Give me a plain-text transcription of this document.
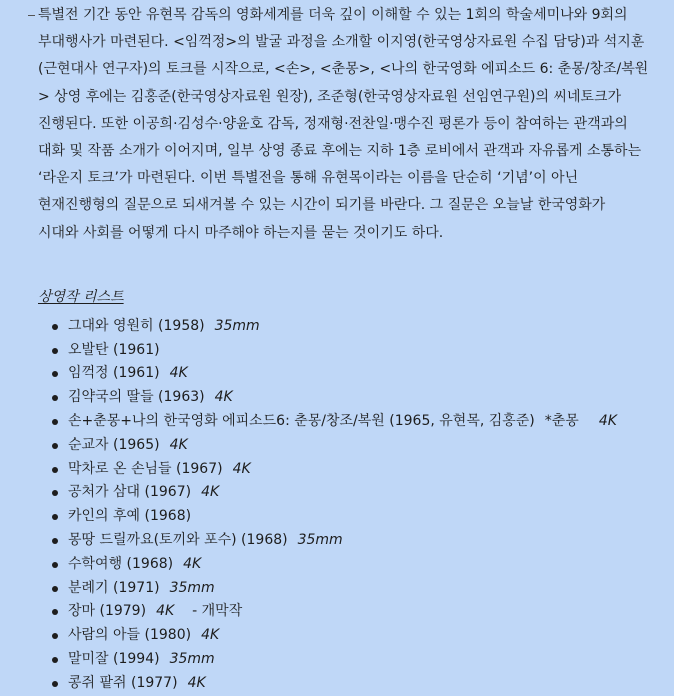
특별전 기간 동안 유현목 감독의 영화세계를 더욱 깊이 이해할 수 있는 1회의 학술세미나와 9회의 부대행사가 마련된다. <임꺽정>의 발굴 과정을 소개할 이지영(한국영상자료원 수집 담당)과 석지훈(근현대사 연구자)의 토크를 시작으로, <손>, <춘몽>, <나의 한국영화 에피소드 6: 춘몽/창조/복원> 상영 후에는 김홍준(한국영상자료원 원장), 조준형(한국영상자료원 선임연구원)의 씨네토크가 진행된다. 또한 이공희·김성수·양윤호 감독, 정재형·전찬일·맹수진 평론가 등이 참여하는 관객과의 대화 및 작품 소개가 이어지며, 일부 상영 종료 후에는 지하 1층 로비에서 관객과 자유롭게 소통하는 ‘라운지 토크’가 마련된다. 이번 특별전을 통해 유현목이라는 이름을 단순히 ‘기념’이 아닌 현재진행형의 질문으로 되새겨볼 수 있는 시간이 되기를 바란다. 그 질문은 오늘날 한국영화가 시대와 사회를 어떻게 다시 마주해야 하는지를 묻는 것이기도 하다.

상영작 리스트
그대와 영원히 (1958) 35mm
오발탄 (1961)
임꺽정 (1961) 4K
김약국의 딸들 (1963) 4K
손+춘몽+나의 한국영화 에피소드6: 춘몽/창조/복원 (1965, 유현목, 김홍준) *춘몽 4K
순교자 (1965) 4K
막차로 온 손님들 (1967) 4K
공처가 삼대 (1967) 4K
카인의 후예 (1968)
몽땅 드릴까요(토끼와 포수) (1968) 35mm
수학여행 (1968) 4K
분례기 (1971) 35mm
장마 (1979) 4K - 개막작
사람의 아들 (1980) 4K
말미잘 (1994) 35mm
콩쥐 팥쥐 (1977) 4K
